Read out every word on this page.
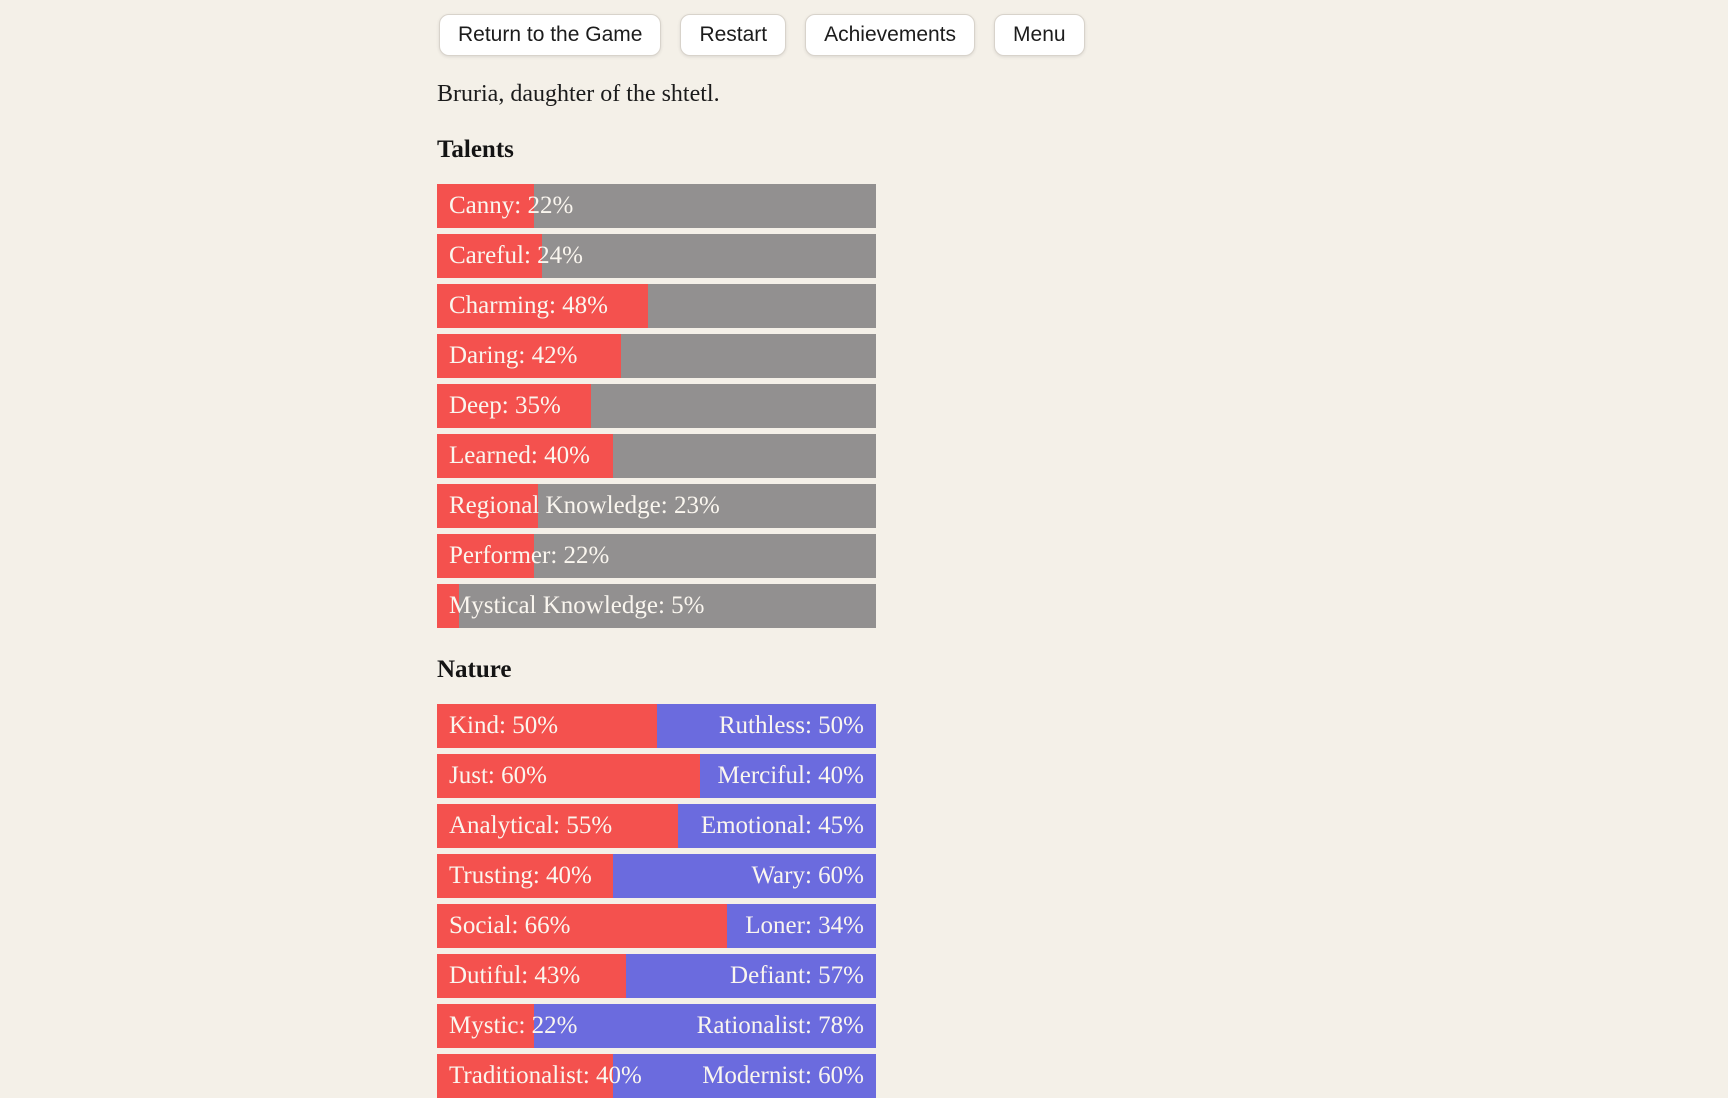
Return to the Game	Restart	Achievements	Menu

Bruria, daughter of the shtetl.

Talents
Canny: 22%
Careful: 24%
Charming: 48%
Daring: 42%
Deep: 35%
Learned: 40%
Regional Knowledge: 23%
Performer: 22%
Mystical Knowledge: 5%
Nature
Kind: 50%	Ruthless: 50%
Just: 60%	Merciful: 40%
Analytical: 55%	Emotional: 45%
Trusting: 40%	Wary: 60%
Social: 66%	Loner: 34%
Dutiful: 43%	Defiant: 57%
Mystic: 22%	Rationalist: 78%
Traditionalist: 40% Modernist: 60%
